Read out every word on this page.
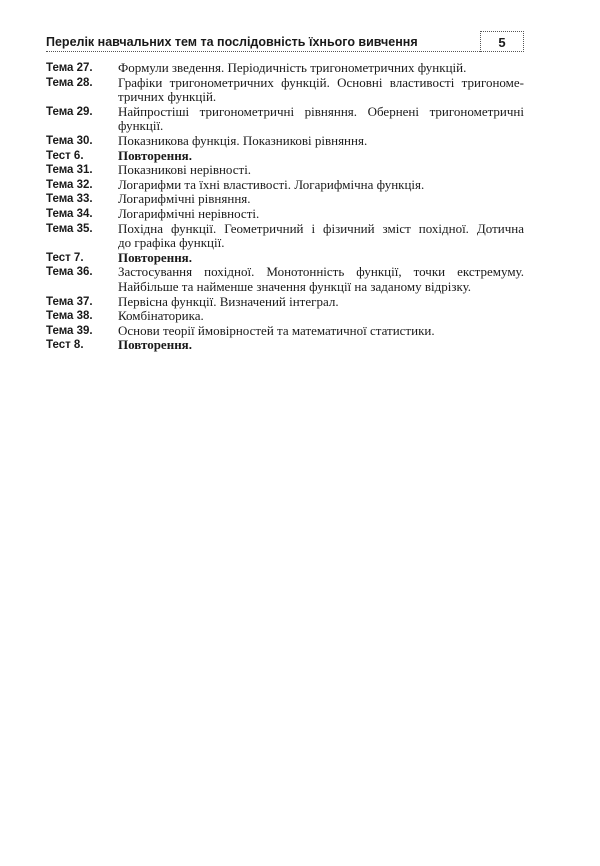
Перелік навчальних тем та послідовність їхнього вивчення	5
Тема 27.	Формули зведення. Періодичність тригонометричних функцій.
Тема 28.	Графіки тригонометричних функцій. Основні властивості тригономе-
тричних функцій.
Тема 29.	Найпростіші тригонометричні рівняння. Обернені тригонометричні
функції.
Тема 30.	Показникова функція. Показникові рівняння.
Тест 6.	Повторення.
Тема 31.	Показникові нерівності.
Тема 32.	Логарифми та їхні властивості. Логарифмічна функція.
Тема 33.	Логарифмічні рівняння.
Тема 34.	Логарифмічні нерівності.
Тема 35.	Похідна функції. Геометричний і фізичний зміст похідної. Дотична
до графіка функції.
Тест 7.	Повторення.
Тема 36.	Застосування похідної. Монотонність функції, точки екстремуму.
Найбільше та найменше значення функції на заданому відрізку.
Тема 37.	Первісна функції. Визначений інтеграл.
Тема 38.	Комбінаторика.
Тема 39.	Основи теорії ймовірностей та математичної статистики.
Тест 8.	Повторення.
